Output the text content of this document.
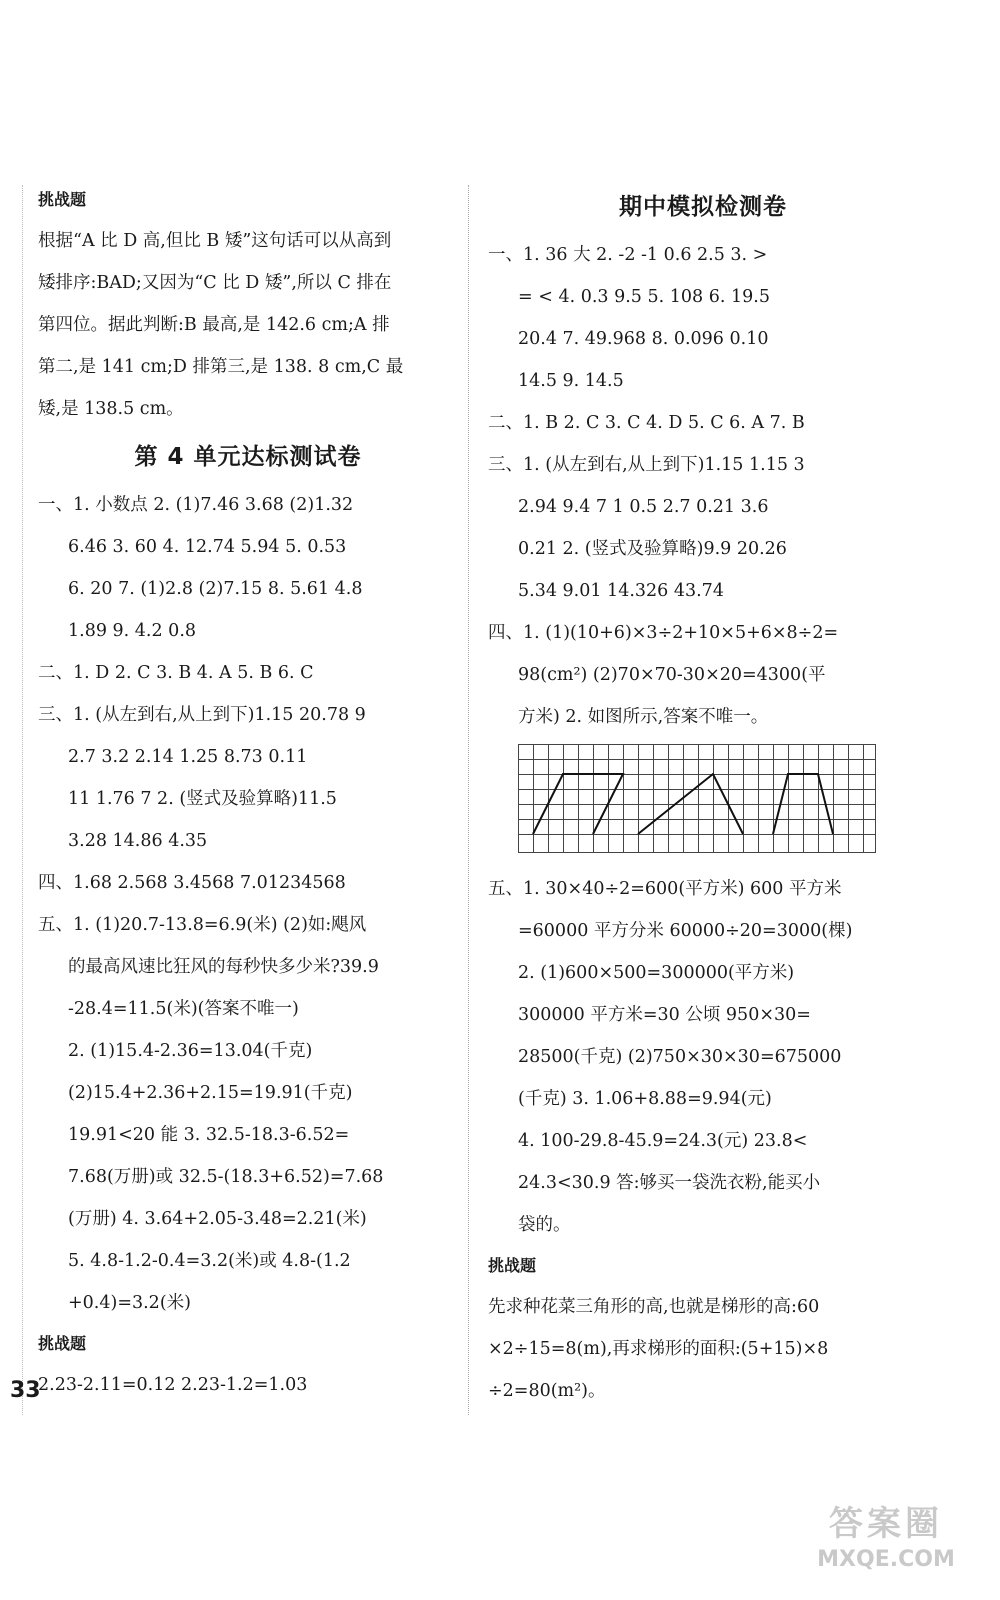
挑战题
根据“A 比 D 高,但比 B 矮”这句话可以从高到
矮排序:BAD;又因为“C 比 D 矮”,所以 C 排在
第四位。据此判断:B 最高,是 142.6 cm;A 排
第二,是 141 cm;D 排第三,是 138. 8 cm,C 最
矮,是 138.5 cm。
第 4 单元达标测试卷
一、1. 小数点 2. (1)7.46 3.68 (2)1.32
6.46 3. 60 4. 12.74 5.94 5. 0.53
6. 20 7. (1)2.8 (2)7.15 8. 5.61 4.8
1.89 9. 4.2 0.8
二、1. D 2. C 3. B 4. A 5. B 6. C
三、1. (从左到右,从上到下)1.15 20.78 9
2.7 3.2 2.14 1.25 8.73 0.11
11 1.76 7 2. (竖式及验算略)11.5
3.28 14.86 4.35
四、1.68 2.568 3.4568 7.01234568
五、1. (1)20.7-13.8=6.9(米) (2)如:飓风
的最高风速比狂风的每秒快多少米?39.9
-28.4=11.5(米)(答案不唯一)
2. (1)15.4-2.36=13.04(千克)
(2)15.4+2.36+2.15=19.91(千克)
19.91<20 能 3. 32.5-18.3-6.52=
7.68(万册)或 32.5-(18.3+6.52)=7.68
(万册) 4. 3.64+2.05-3.48=2.21(米)
5. 4.8-1.2-0.4=3.2(米)或 4.8-(1.2
+0.4)=3.2(米)
挑战题
2.23-2.11=0.12 2.23-1.2=1.03
期中模拟检测卷
一、1. 36 大 2. -2 -1 0.6 2.5 3. >
= < 4. 0.3 9.5 5. 108 6. 19.5
20.4 7. 49.968 8. 0.096 0.10
14.5 9. 14.5
二、1. B 2. C 3. C 4. D 5. C 6. A 7. B
三、1. (从左到右,从上到下)1.15 1.15 3
2.94 9.4 7 1 0.5 2.7 0.21 3.6
0.21 2. (竖式及验算略)9.9 20.26
5.34 9.01 14.326 43.74
四、1. (1)(10+6)×3÷2+10×5+6×8÷2=
98(cm²) (2)70×70-30×20=4300(平
方米) 2. 如图所示,答案不唯一。
五、1. 30×40÷2=600(平方米) 600 平方米
=60000 平方分米 60000÷20=3000(棵)
2. (1)600×500=300000(平方米)
300000 平方米=30 公顷 950×30=
28500(千克) (2)750×30×30=675000
(千克) 3. 1.06+8.88=9.94(元)
4. 100-29.8-45.9=24.3(元) 23.8<
24.3<30.9 答:够买一袋洗衣粉,能买小
袋的。
挑战题
先求种花菜三角形的高,也就是梯形的高:60
×2÷15=8(m),再求梯形的面积:(5+15)×8
÷2=80(m²)。
33
答案圈
MXQE.COM
